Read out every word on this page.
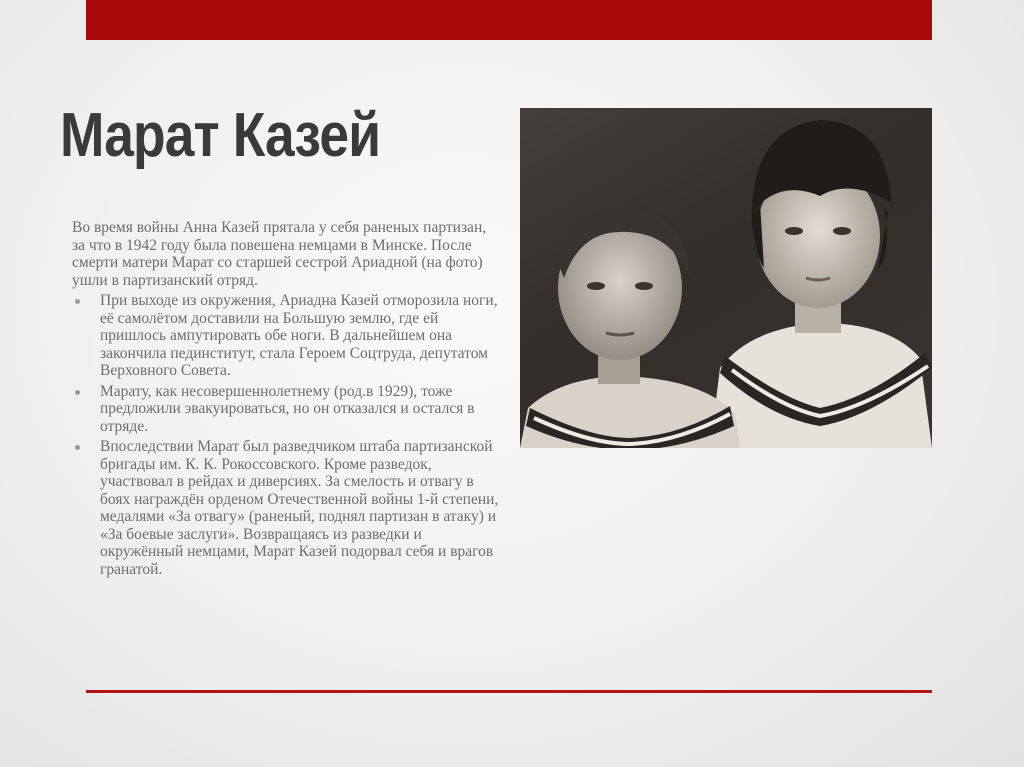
Марат Казей

Во время войны Анна Казей прятала у себя раненых партизан, за что в 1942 году была повешена немцами в Минске. После смерти матери Марат со старшей сестрой Ариадной (на фото) ушли в партизанский отряд.

При выходе из окружения, Ариадна Казей отморозила ноги, её самолётом доставили на Большую землю, где ей пришлось ампутировать обе ноги. В дальнейшем она закончила пединститут, стала Героем Соцтруда, депутатом Верховного Совета.
Марату, как несовершеннолетнему (род.в 1929), тоже предложили эвакуироваться, но он отказался и остался в отряде.
Впоследствии Марат был разведчиком штаба партизанской бригады им. К. К. Рокоссовского. Кроме разведок, участвовал в рейдах и диверсиях. За смелость и отвагу в боях награждён орденом Отечественной войны 1-й степени, медалями «За отвагу» (раненый, поднял партизан в атаку) и «За боевые заслуги». Возвращаясь из разведки и окружённый немцами, Марат Казей подорвал себя и врагов гранатой.
